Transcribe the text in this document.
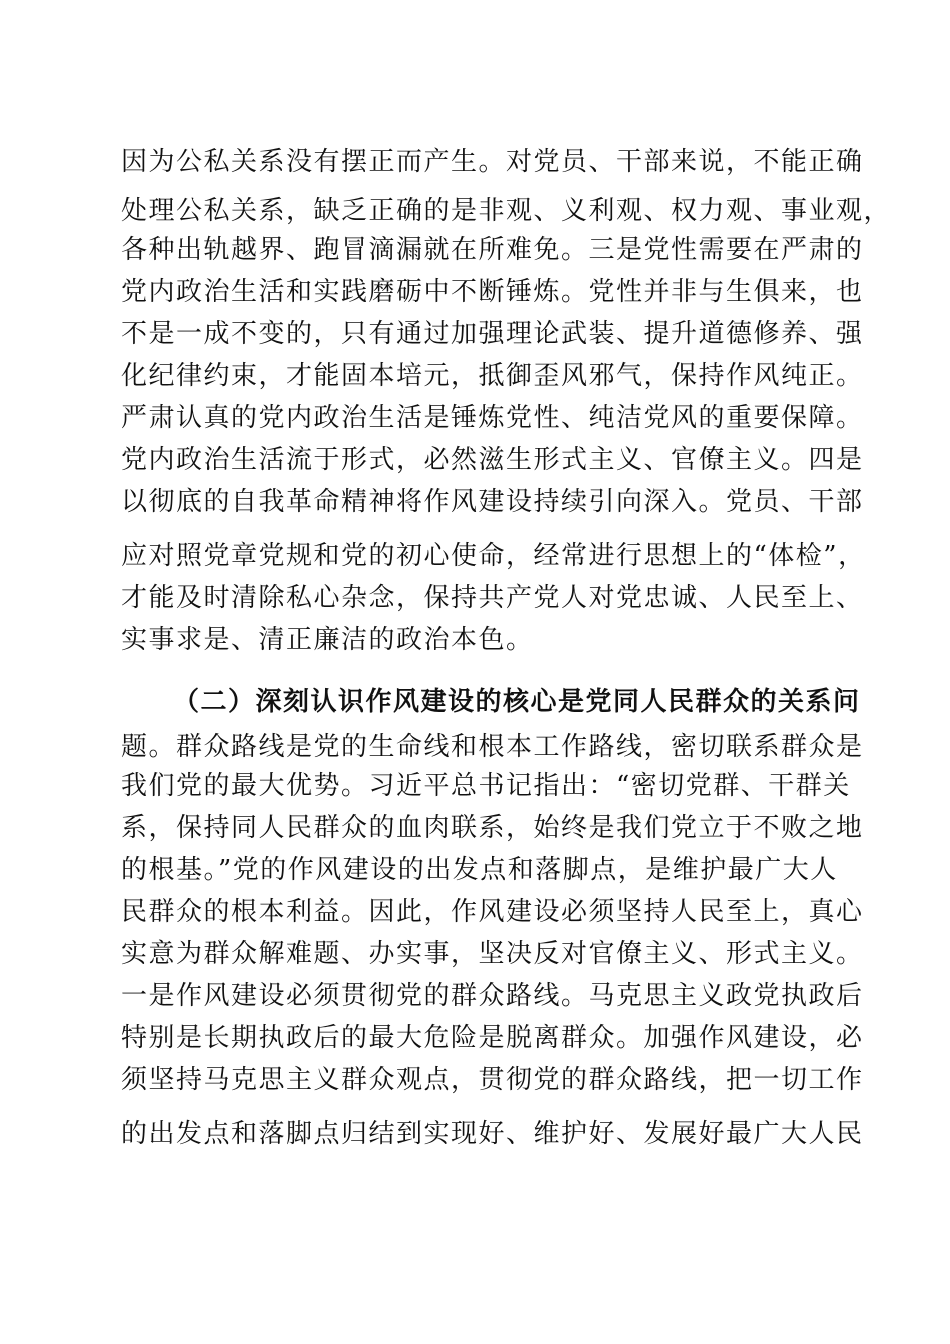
因为公私关系没有摆正而产生。对党员、干部来说，不能正确
处理公私关系，缺乏正确的是非观、义利观、权力观、事业观，
各种出轨越界、跑冒滴漏就在所难免。三是党性需要在严肃的
党内政治生活和实践磨砺中不断锤炼。党性并非与生俱来，也
不是一成不变的，只有通过加强理论武装、提升道德修养、强
化纪律约束，才能固本培元，抵御歪风邪气，保持作风纯正。
严肃认真的党内政治生活是锤炼党性、纯洁党风的重要保障。
党内政治生活流于形式，必然滋生形式主义、官僚主义。四是
以彻底的自我革命精神将作风建设持续引向深入。党员、干部
应对照党章党规和党的初心使命，经常进行思想上的“体检”，
才能及时清除私心杂念，保持共产党人对党忠诚、人民至上、
实事求是、清正廉洁的政治本色。
（二）深刻认识作风建设的核心是党同人民群众的关系问
题。群众路线是党的生命线和根本工作路线，密切联系群众是
我们党的最大优势。习近平总书记指出：“密切党群、干群关
系，保持同人民群众的血肉联系，始终是我们党立于不败之地
的根基。”党的作风建设的出发点和落脚点，是维护最广大人
民群众的根本利益。因此，作风建设必须坚持人民至上，真心
实意为群众解难题、办实事，坚决反对官僚主义、形式主义。
一是作风建设必须贯彻党的群众路线。马克思主义政党执政后
特别是长期执政后的最大危险是脱离群众。加强作风建设，必
须坚持马克思主义群众观点，贯彻党的群众路线，把一切工作
的出发点和落脚点归结到实现好、维护好、发展好最广大人民
